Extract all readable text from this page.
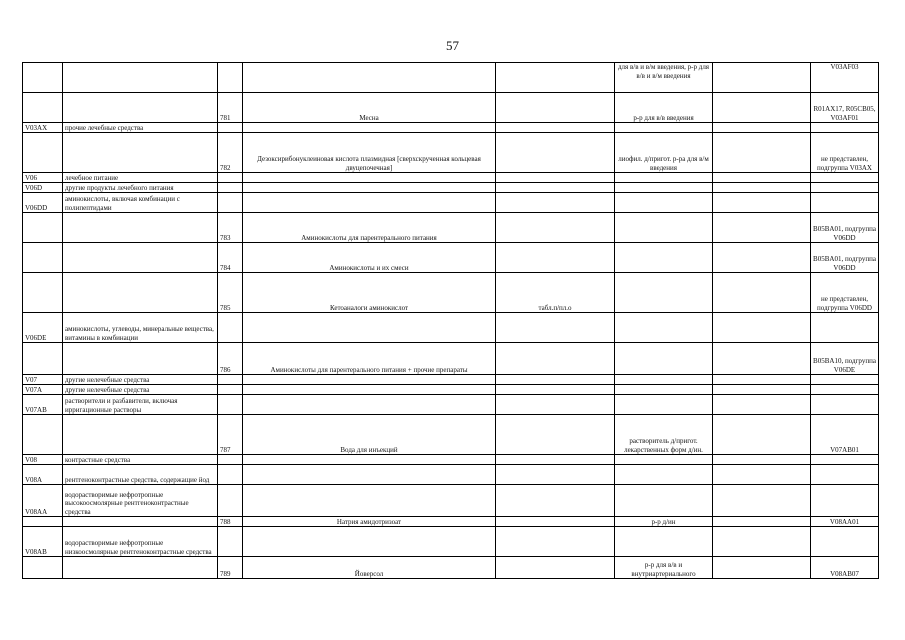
57
					для в/в и в/м введения, р-р для в/в и в/м введения		V03AF03
		781	Месна		р-р для в/в введения		R01AX17, R05CB05, V03AF01
V03AX	прочие лечебные средства						
		782	Дезоксирибонуклеиновая кислота плазмидная [сверхскрученная кольцевая двуцепочечная]		лиофил. д/пригот. р-ра для в/м введения		не представлен, подгруппа V03AX
V06	лечебное питание						
V06D	другие продукты лечебного питания						
V06DD	аминокислоты, включая комбинации с полипептидами						
		783	Аминокислоты для парентерального питания				B05BA01, подгруппа V06DD
		784	Аминокислоты и их смеси				B05BA01, подгруппа V06DD
		785	Кетоаналоги аминокислот	табл.п/пл.о			не представлен, подгруппа V06DD
V06DE	аминокислоты, углеводы, минеральные вещества, витамины в комбинации						
		786	Аминокислоты для парентерального питания + прочие препараты				B05BA10, подгруппа V06DE
V07	другие нелечебные средства						
V07A	другие нелечебные средства						
V07AB	растворители и разбавители, включая ирригационные растворы						
		787	Вода для инъекций		растворитель д/пригот. лекарственных форм д/ин.		V07AB01
V08	контрастные средства						
V08A	рентгеноконтрастные средства, содержащие йод						
V08AA	водорастворимые нефротропные высокоосмолярные рентгеноконтрастные средства						
		788	Натрия амидотризоат		р-р д/ин		V08AA01
V08AB	водорастворимые нефротропные низкоосмолярные рентгеноконтрастные средства						
		789	Йоверсол		р-р для в/в и внутриартериального		V08AB07
